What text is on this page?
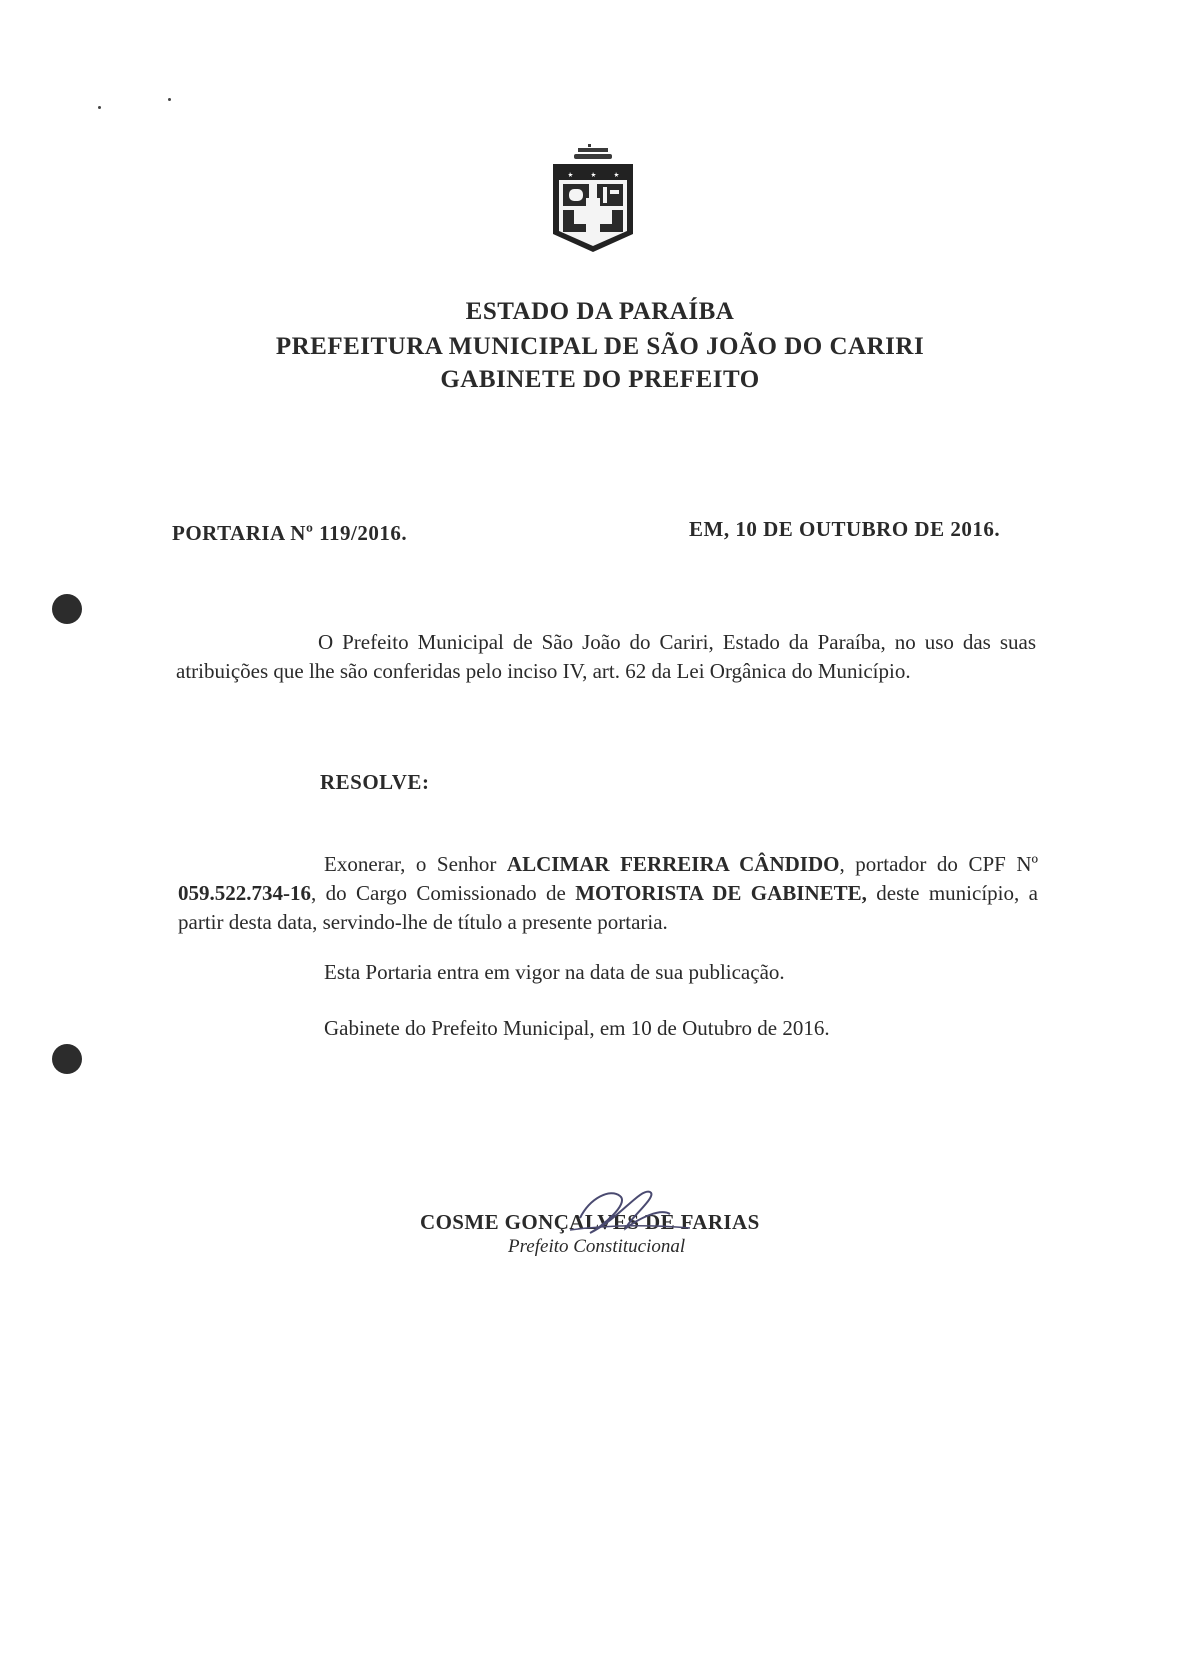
ESTADO DA PARAÍBA
PREFEITURA MUNICIPAL DE SÃO JOÃO DO CARIRI
GABINETE DO PREFEITO
PORTARIA Nº 119/2016.	EM, 10 DE OUTUBRO DE 2016.
O Prefeito Municipal de São João do Cariri, Estado da Paraíba, no uso das suas atribuições que lhe são conferidas pelo inciso IV, art. 62 da Lei Orgânica do Município.
RESOLVE:
Exonerar, o Senhor ALCIMAR FERREIRA CÂNDIDO, portador do CPF Nº 059.522.734-16, do Cargo Comissionado de MOTORISTA DE GABINETE, deste município, a partir desta data, servindo-lhe de título a presente portaria.
Esta Portaria entra em vigor na data de sua publicação.
Gabinete do Prefeito Municipal, em 10 de Outubro de 2016.
COSME GONÇALVES DE FARIAS
Prefeito Constitucional
